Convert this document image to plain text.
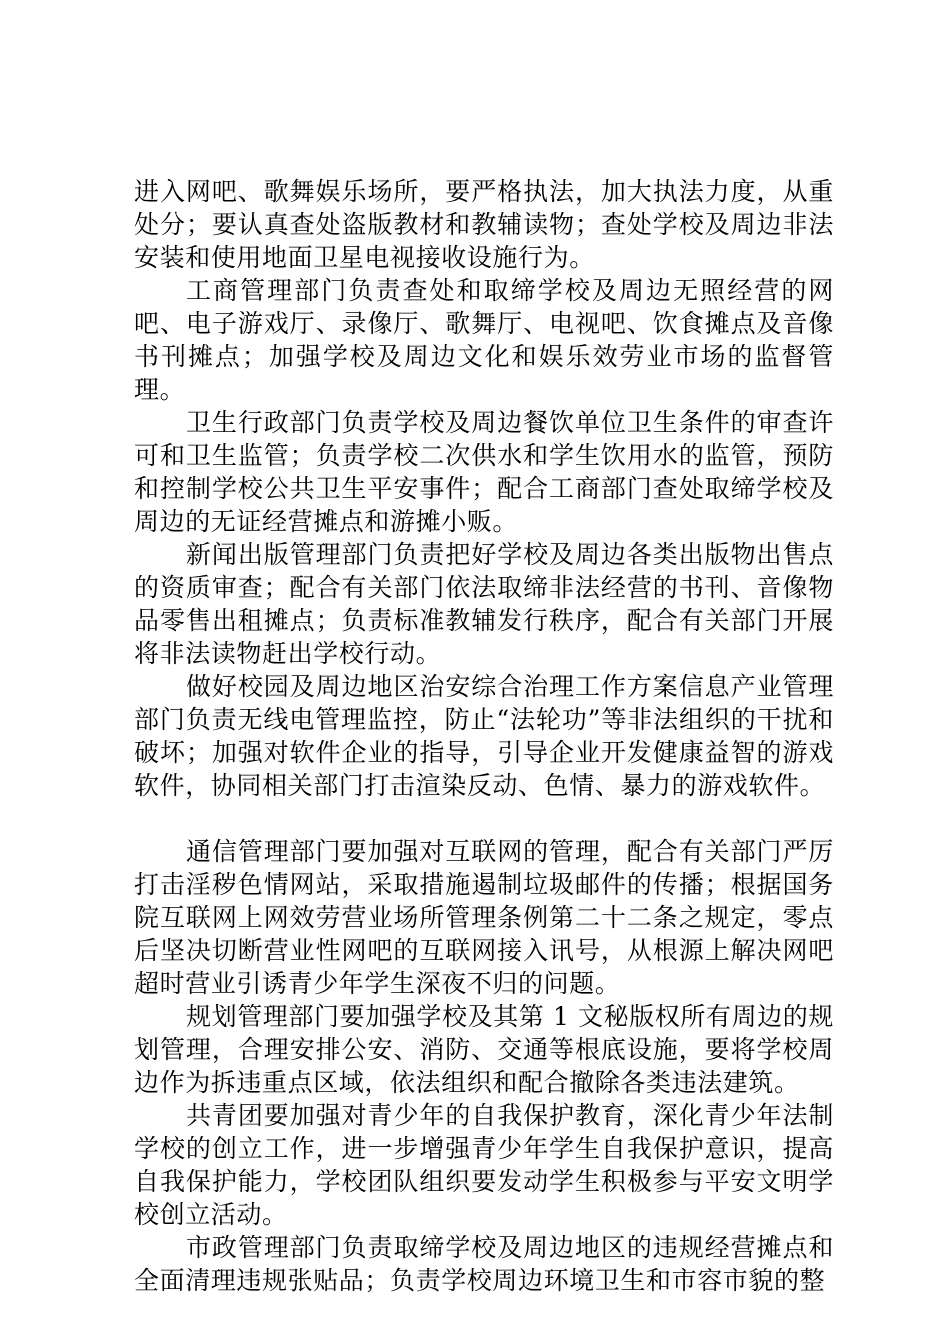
进入网吧、歌舞娱乐场所，要严格执法，加大执法力度，从重处分；要认真查处盗版教材和教辅读物；查处学校及周边非法安装和使用地面卫星电视接收设施行为。

工商管理部门负责查处和取缔学校及周边无照经营的网吧、电子游戏厅、录像厅、歌舞厅、电视吧、饮食摊点及音像书刊摊点；加强学校及周边文化和娱乐效劳业市场的监督管理。

卫生行政部门负责学校及周边餐饮单位卫生条件的审查许可和卫生监管；负责学校二次供水和学生饮用水的监管，预防和控制学校公共卫生平安事件；配合工商部门查处取缔学校及周边的无证经营摊点和游摊小贩。

新闻出版管理部门负责把好学校及周边各类出版物出售点的资质审查；配合有关部门依法取缔非法经营的书刊、音像物品零售出租摊点；负责标准教辅发行秩序，配合有关部门开展将非法读物赶出学校行动。

做好校园及周边地区治安综合治理工作方案信息产业管理部门负责无线电管理监控，防止“法轮功”等非法组织的干扰和破坏；加强对软件企业的指导，引导企业开发健康益智的游戏软件，协同相关部门打击渲染反动、色情、暴力的游戏软件。

通信管理部门要加强对互联网的管理，配合有关部门严厉打击淫秽色情网站，采取措施遏制垃圾邮件的传播；根据国务院互联网上网效劳营业场所管理条例第二十二条之规定，零点后坚决切断营业性网吧的互联网接入讯号，从根源上解决网吧超时营业引诱青少年学生深夜不归的问题。

规划管理部门要加强学校及其第 1 文秘版权所有周边的规划管理，合理安排公安、消防、交通等根底设施，要将学校周边作为拆违重点区域，依法组织和配合撤除各类违法建筑。

共青团要加强对青少年的自我保护教育，深化青少年法制学校的创立工作，进一步增强青少年学生自我保护意识，提高自我保护能力，学校团队组织要发动学生积极参与平安文明学校创立活动。

市政管理部门负责取缔学校及周边地区的违规经营摊点和全面清理违规张贴品；负责学校周边环境卫生和市容市貌的整
